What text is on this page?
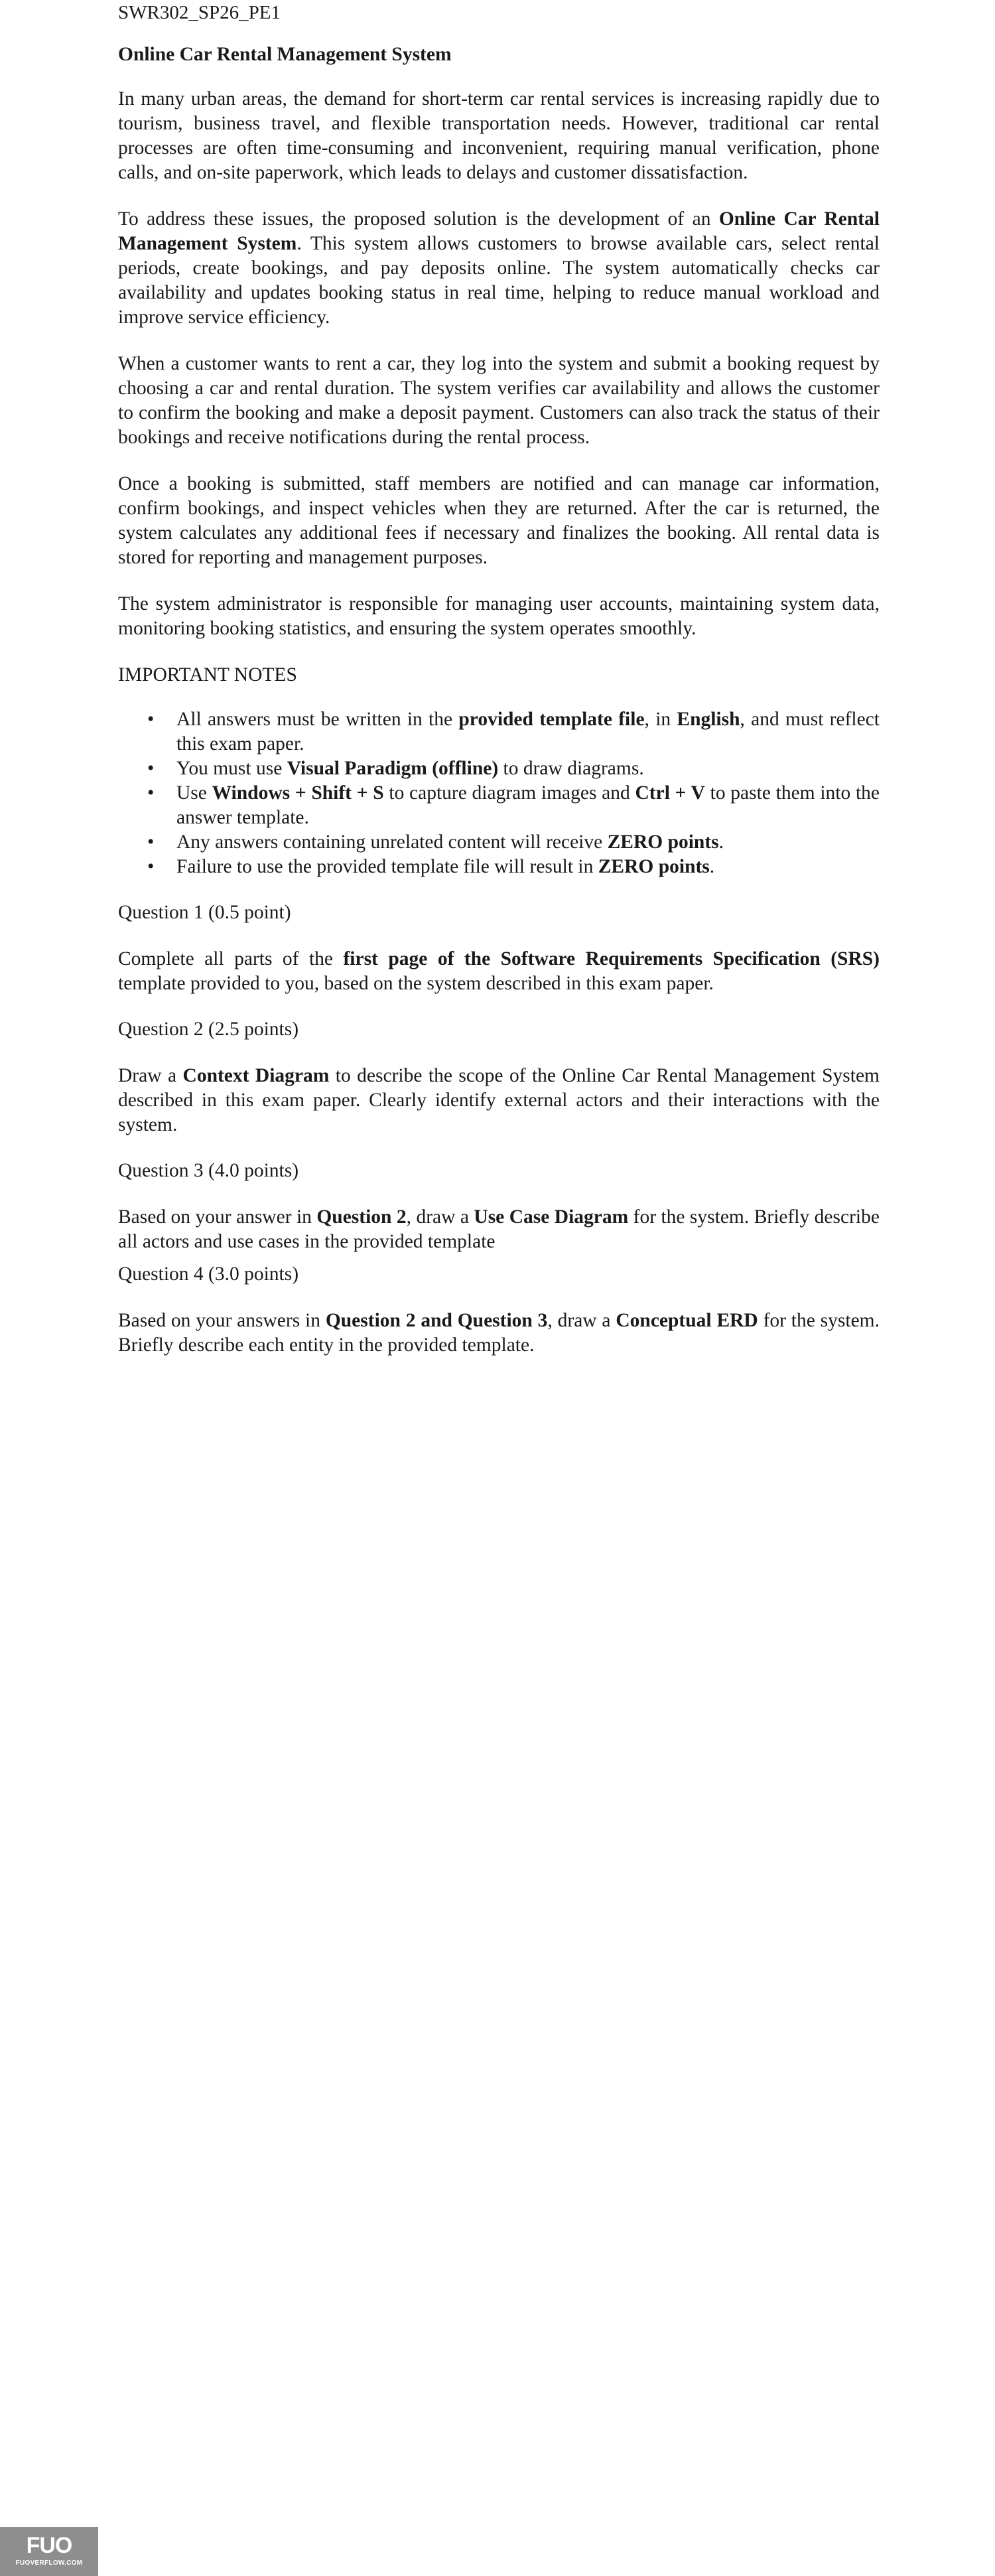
SWR302_SP26_PE1
Online Car Rental Management System

In many urban areas, the demand for short-term car rental services is increasing rapidly due to tourism, business travel, and flexible transportation needs. However, traditional car rental processes are often time-consuming and inconvenient, requiring manual verification, phone calls, and on-site paperwork, which leads to delays and customer dissatisfaction.

To address these issues, the proposed solution is the development of an Online Car Rental Management System. This system allows customers to browse available cars, select rental periods, create bookings, and pay deposits online. The system automatically checks car availability and updates booking status in real time, helping to reduce manual workload and improve service efficiency.

When a customer wants to rent a car, they log into the system and submit a booking request by choosing a car and rental duration. The system verifies car availability and allows the customer to confirm the booking and make a deposit payment. Customers can also track the status of their bookings and receive notifications during the rental process.

Once a booking is submitted, staff members are notified and can manage car information, confirm bookings, and inspect vehicles when they are returned. After the car is returned, the system calculates any additional fees if necessary and finalizes the booking. All rental data is stored for reporting and management purposes.

The system administrator is responsible for managing user accounts, maintaining system data, monitoring booking statistics, and ensuring the system operates smoothly.

IMPORTANT NOTES
• All answers must be written in the provided template file, in English, and must reflect this exam paper.
• You must use Visual Paradigm (offline) to draw diagrams.
• Use Windows + Shift + S to capture diagram images and Ctrl + V to paste them into the answer template.
• Any answers containing unrelated content will receive ZERO points.
• Failure to use the provided template file will result in ZERO points.
Question 1 (0.5 point)

Complete all parts of the first page of the Software Requirements Specification (SRS) template provided to you, based on the system described in this exam paper.

Question 2 (2.5 points)

Draw a Context Diagram to describe the scope of the Online Car Rental Management System described in this exam paper. Clearly identify external actors and their interactions with the system.

Question 3 (4.0 points)

Based on your answer in Question 2, draw a Use Case Diagram for the system. Briefly describe all actors and use cases in the provided template

Question 4 (3.0 points)

Based on your answers in Question 2 and Question 3, draw a Conceptual ERD for the system. Briefly describe each entity in the provided template.

FUO
FUOVERFLOW.COM
